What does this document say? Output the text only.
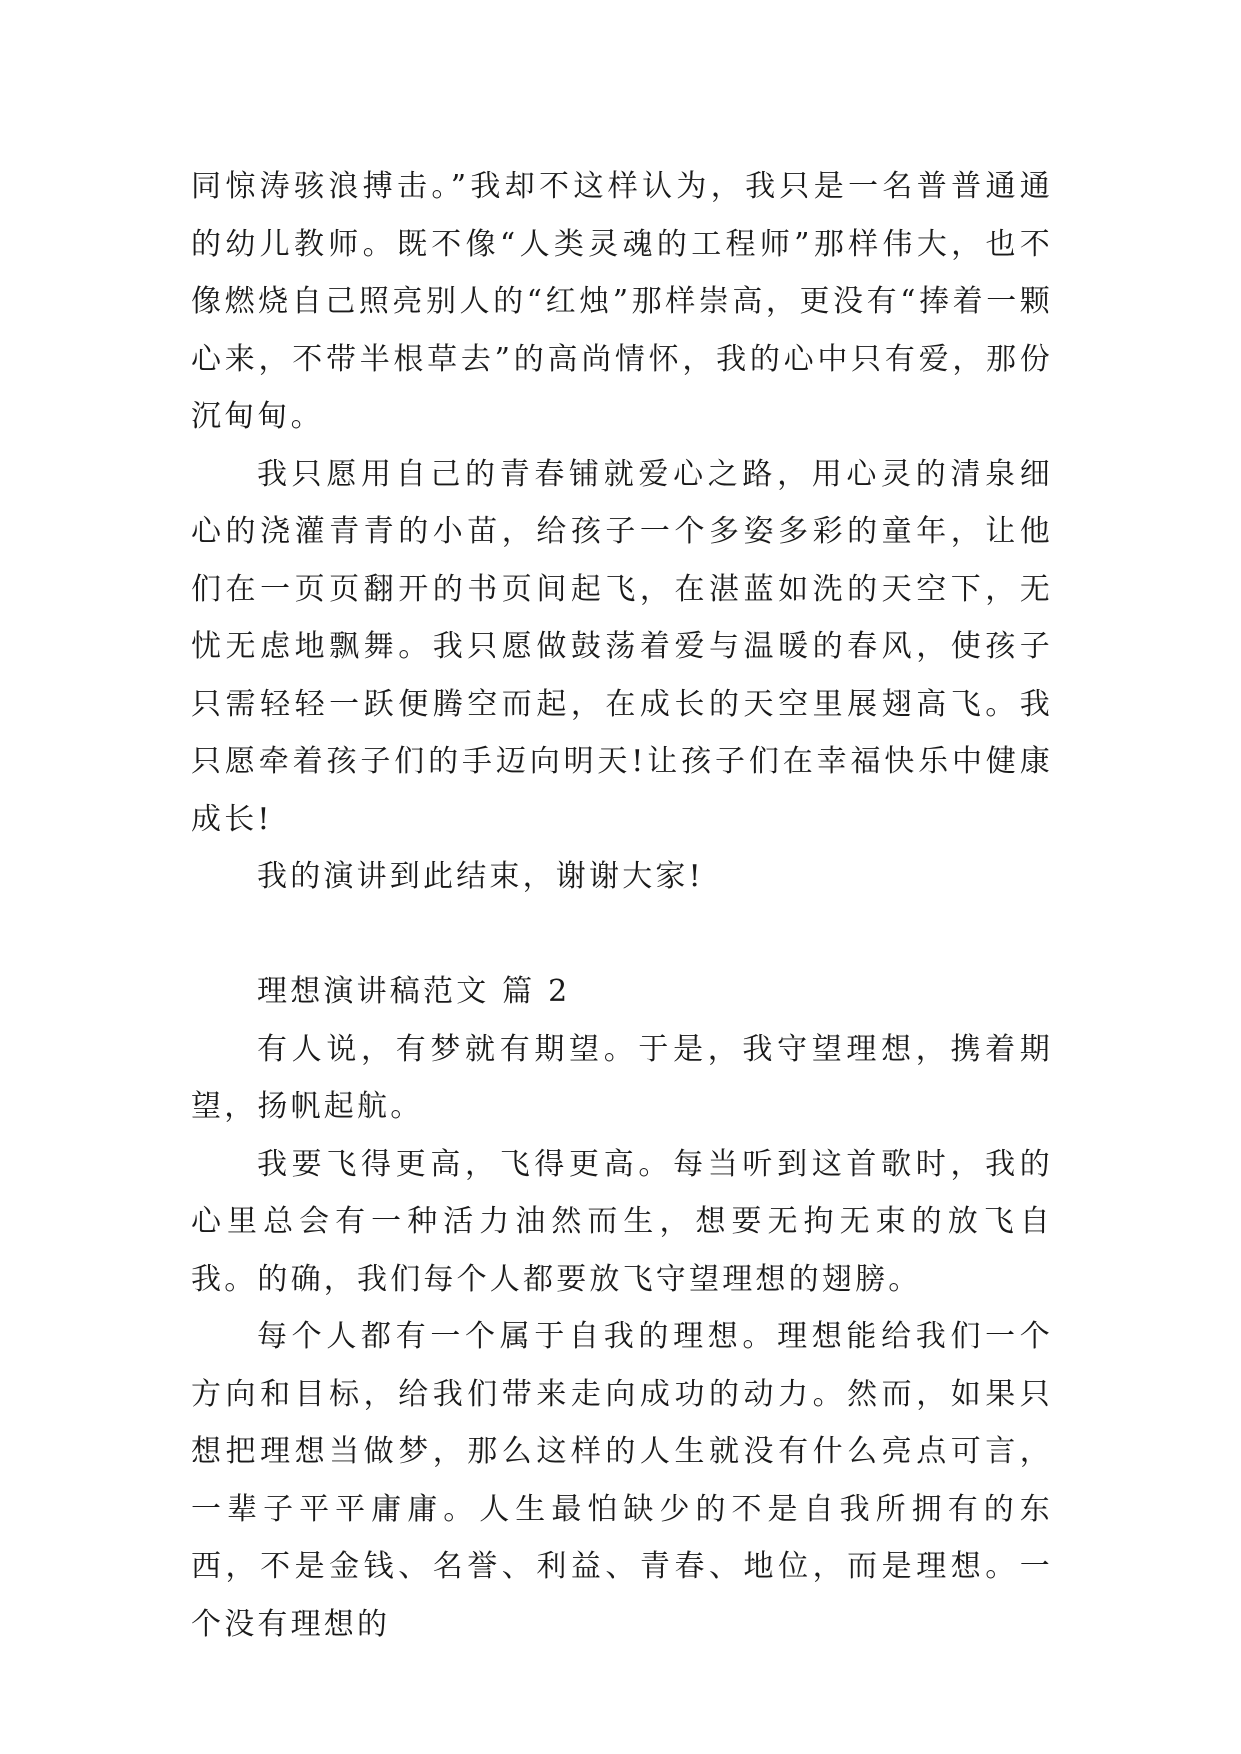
同惊涛骇浪搏击。”我却不这样认为，我只是一名普普通通的幼儿教师。既不像“人类灵魂的工程师”那样伟大，也不像燃烧自己照亮别人的“红烛”那样崇高，更没有“捧着一颗心来，不带半根草去”的高尚情怀，我的心中只有爱，那份沉甸甸。

我只愿用自己的青春铺就爱心之路，用心灵的清泉细心的浇灌青青的小苗，给孩子一个多姿多彩的童年，让他们在一页页翻开的书页间起飞，在湛蓝如洗的天空下，无忧无虑地飘舞。我只愿做鼓荡着爱与温暖的春风，使孩子只需轻轻一跃便腾空而起，在成长的天空里展翅高飞。我只愿牵着孩子们的手迈向明天!让孩子们在幸福快乐中健康成长!

我的演讲到此结束，谢谢大家!

理想演讲稿范文 篇 2

有人说，有梦就有期望。于是，我守望理想，携着期望，扬帆起航。

我要飞得更高，飞得更高。每当听到这首歌时，我的心里总会有一种活力油然而生，想要无拘无束的放飞自我。的确，我们每个人都要放飞守望理想的翅膀。

每个人都有一个属于自我的理想。理想能给我们一个方向和目标，给我们带来走向成功的动力。然而，如果只想把理想当做梦，那么这样的人生就没有什么亮点可言，一辈子平平庸庸。人生最怕缺少的不是自我所拥有的东西，不是金钱、名誉、利益、青春、地位，而是理想。一个没有理想的
